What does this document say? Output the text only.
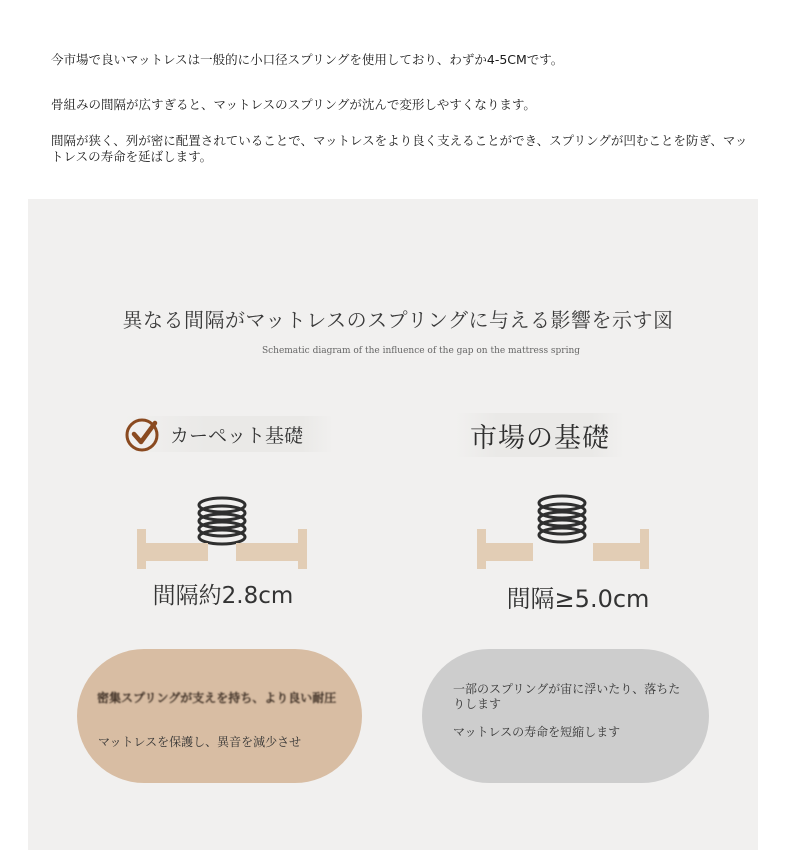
今市場で良いマットレスは一般的に小口径スプリングを使用しており、わずか4-5CMです。

骨組みの間隔が広すぎると、マットレスのスプリングが沈んで変形しやすくなります。

間隔が狭く、列が密に配置されていることで、マットレスをより良く支えることができ、スプリングが凹むことを防ぎ、マッ

トレスの寿命を延ばします。

異なる間隔がマットレスのスプリングに与える影響を示す図
Schematic diagram of the influence of the gap on the mattress spring
カーペット基礎	市場の基礎
間隔約2.8cm	間隔≥5.0cm
密集スプリングが支えを持ち、より良い耐圧
マットレスを保護し、異音を減少させ
一部のスプリングが宙に浮いたり、落ちたりします
マットレスの寿命を短縮します
